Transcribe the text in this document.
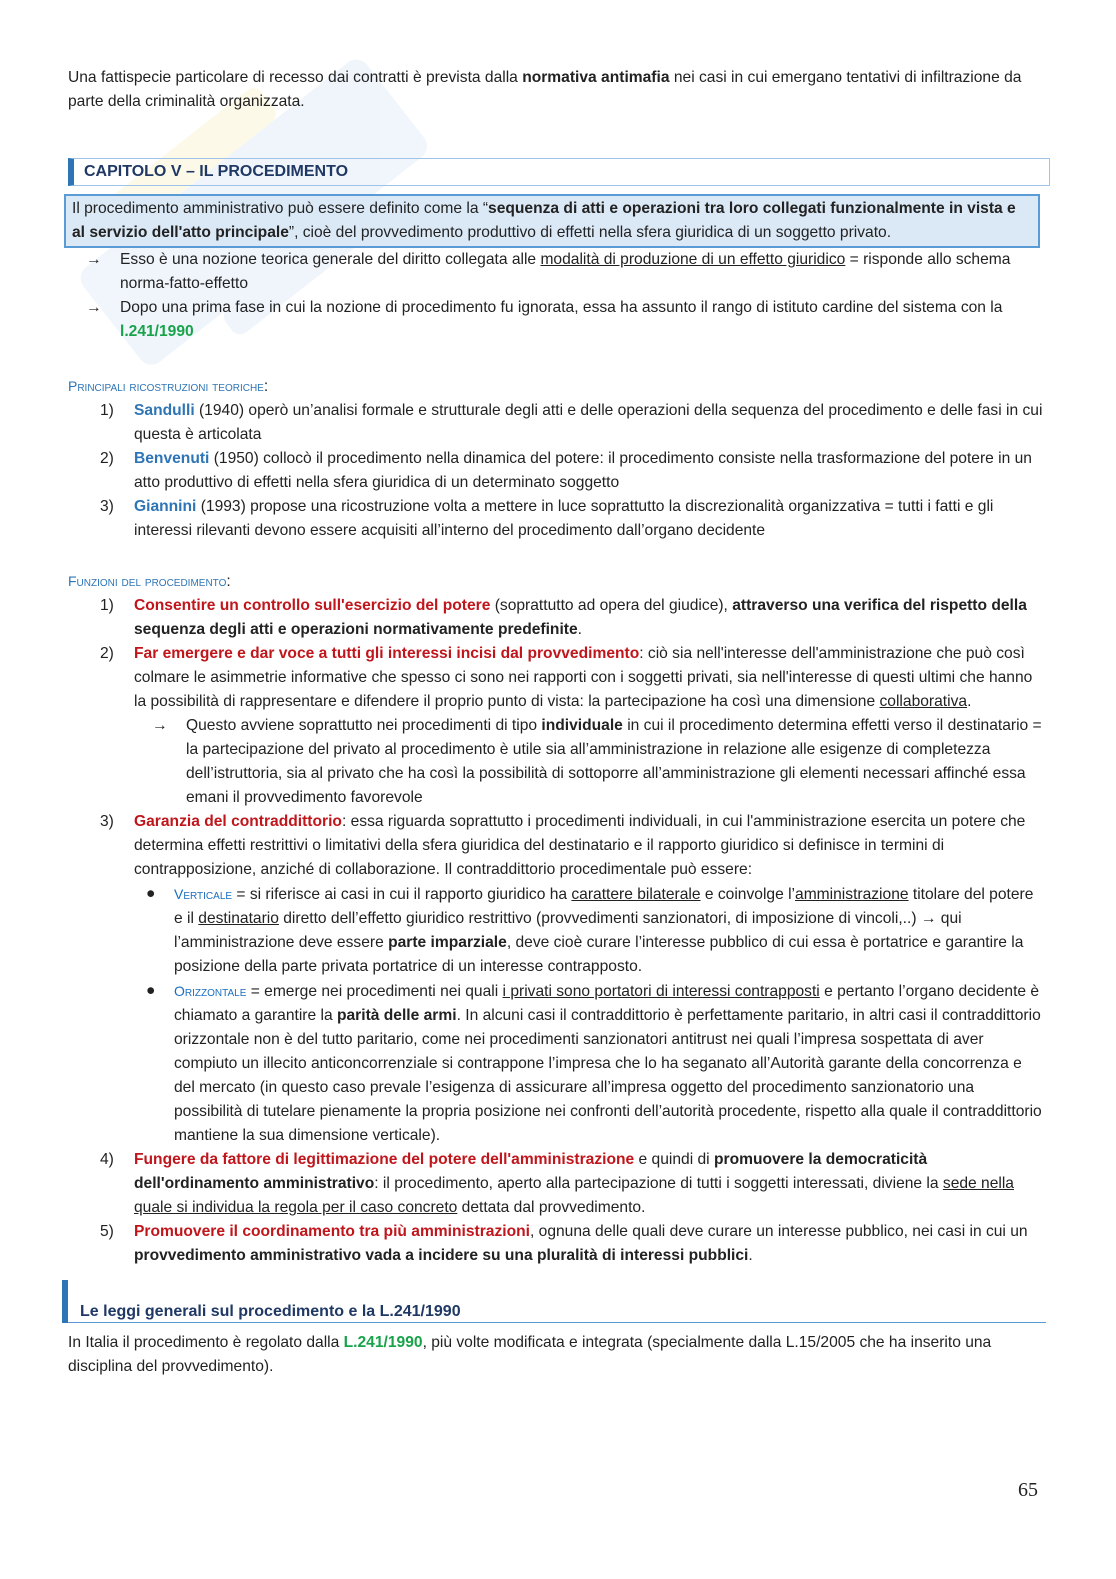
Una fattispecie particolare di recesso dai contratti è prevista dalla normativa antimafia nei casi in cui emergano tentativi di infiltrazione da parte della criminalità organizzata.

CAPITOLO V – IL PROCEDIMENTO
Il procedimento amministrativo può essere definito come la “sequenza di atti e operazioni tra loro collegati funzionalmente in vista e al servizio dell'atto principale”, cioè del provvedimento produttivo di effetti nella sfera giuridica di un soggetto privato.
→ Esso è una nozione teorica generale del diritto collegata alle modalità di produzione di un effetto giuridico = risponde allo schema norma-fatto-effetto
→ Dopo una prima fase in cui la nozione di procedimento fu ignorata, essa ha assunto il rango di istituto cardine del sistema con la l.241/1990

Principali ricostruzioni teoriche:

1) Sandulli (1940) operò un’analisi formale e strutturale degli atti e delle operazioni della sequenza del procedimento e delle fasi in cui questa è articolata
2) Benvenuti (1950) collocò il procedimento nella dinamica del potere: il procedimento consiste nella trasformazione del potere in un atto produttivo di effetti nella sfera giuridica di un determinato soggetto
3) Giannini (1993) propose una ricostruzione volta a mettere in luce soprattutto la discrezionalità organizzativa = tutti i fatti e gli interessi rilevanti devono essere acquisiti all’interno del procedimento dall’organo decidente

Funzioni del procedimento:

1) Consentire un controllo sull'esercizio del potere (soprattutto ad opera del giudice), attraverso una verifica del rispetto della sequenza degli atti e operazioni normativamente predefinite.
2) Far emergere e dar voce a tutti gli interessi incisi dal provvedimento: ciò sia nell'interesse dell'amministrazione che può così colmare le asimmetrie informative che spesso ci sono nei rapporti con i soggetti privati, sia nell'interesse di questi ultimi che hanno la possibilità di rappresentare e difendere il proprio punto di vista: la partecipazione ha così una dimensione collaborativa.
→ Questo avviene soprattutto nei procedimenti di tipo individuale in cui il procedimento determina effetti verso il destinatario = la partecipazione del privato al procedimento è utile sia all’amministrazione in relazione alle esigenze di completezza dell’istruttoria, sia al privato che ha così la possibilità di sottoporre all’amministrazione gli elementi necessari affinché essa emani il provvedimento favorevole
3) Garanzia del contraddittorio: essa riguarda soprattutto i procedimenti individuali, in cui l'amministrazione esercita un potere che determina effetti restrittivi o limitativi della sfera giuridica del destinatario e il rapporto giuridico si definisce in termini di contrapposizione, anziché di collaborazione. Il contraddittorio procedimentale può essere:
● Verticale = si riferisce ai casi in cui il rapporto giuridico ha carattere bilaterale e coinvolge l’amministrazione titolare del potere e il destinatario diretto dell’effetto giuridico restrittivo (provvedimenti sanzionatori, di imposizione di vincoli,..) → qui l’amministrazione deve essere parte imparziale, deve cioè curare l’interesse pubblico di cui essa è portatrice e garantire la posizione della parte privata portatrice di un interesse contrapposto.
● Orizzontale = emerge nei procedimenti nei quali i privati sono portatori di interessi contrapposti e pertanto l’organo decidente è chiamato a garantire la parità delle armi. In alcuni casi il contraddittorio è perfettamente paritario, in altri casi il contraddittorio orizzontale non è del tutto paritario, come nei procedimenti sanzionatori antitrust nei quali l’impresa sospettata di aver compiuto un illecito anticoncorrenziale si contrappone l’impresa che lo ha seganato all’Autorità garante della concorrenza e del mercato (in questo caso prevale l’esigenza di assicurare all’impresa oggetto del procedimento sanzionatorio una possibilità di tutelare pienamente la propria posizione nei confronti dell’autorità procedente, rispetto alla quale il contraddittorio mantiene la sua dimensione verticale).
4) Fungere da fattore di legittimazione del potere dell'amministrazione e quindi di promuovere la democraticità dell'ordinamento amministrativo: il procedimento, aperto alla partecipazione di tutti i soggetti interessati, diviene la sede nella quale si individua la regola per il caso concreto dettata dal provvedimento.
5) Promuovere il coordinamento tra più amministrazioni, ognuna delle quali deve curare un interesse pubblico, nei casi in cui un provvedimento amministrativo vada a incidere su una pluralità di interessi pubblici.
Le leggi generali sul procedimento e la L.241/1990

In Italia il procedimento è regolato dalla L.241/1990, più volte modificata e integrata (specialmente dalla L.15/2005 che ha inserito una disciplina del provvedimento).

65
